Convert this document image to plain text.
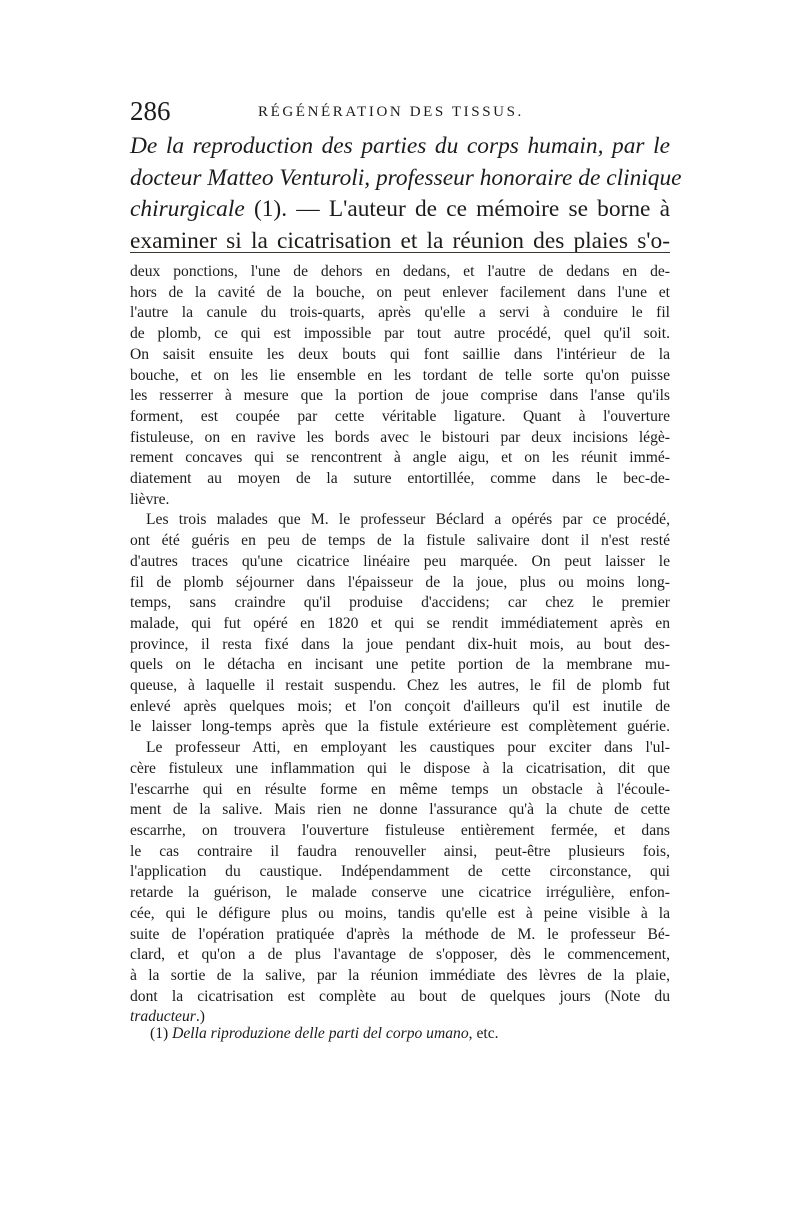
286	RÉGÉNÉRATION DES TISSUS.
De la reproduction des parties du corps humain, par le
docteur Matteo Venturoli, professeur honoraire de clinique
chirurgicale (1). — L'auteur de ce mémoire se borne à
examiner si la cicatrisation et la réunion des plaies s'o-
deux ponctions, l'une de dehors en dedans, et l'autre de dedans en de-
hors de la cavité de la bouche, on peut enlever facilement dans l'une et
l'autre la canule du trois-quarts, après qu'elle a servi à conduire le fil
de plomb, ce qui est impossible par tout autre procédé, quel qu'il soit.
On saisit ensuite les deux bouts qui font saillie dans l'intérieur de la
bouche, et on les lie ensemble en les tordant de telle sorte qu'on puisse
les resserrer à mesure que la portion de joue comprise dans l'anse qu'ils
forment, est coupée par cette véritable ligature. Quant à l'ouverture
fistuleuse, on en ravive les bords avec le bistouri par deux incisions légè-
rement concaves qui se rencontrent à angle aigu, et on les réunit immé-
diatement au moyen de la suture entortillée, comme dans le bec-de-
lièvre.
Les trois malades que M. le professeur Béclard a opérés par ce procédé,
ont été guéris en peu de temps de la fistule salivaire dont il n'est resté
d'autres traces qu'une cicatrice linéaire peu marquée. On peut laisser le
fil de plomb séjourner dans l'épaisseur de la joue, plus ou moins long-
temps, sans craindre qu'il produise d'accidens; car chez le premier
malade, qui fut opéré en 1820 et qui se rendit immédiatement après en
province, il resta fixé dans la joue pendant dix-huit mois, au bout des-
quels on le détacha en incisant une petite portion de la membrane mu-
queuse, à laquelle il restait suspendu. Chez les autres, le fil de plomb fut
enlevé après quelques mois; et l'on conçoit d'ailleurs qu'il est inutile de
le laisser long-temps après que la fistule extérieure est complètement guérie.
Le professeur Atti, en employant les caustiques pour exciter dans l'ul-
cère fistuleux une inflammation qui le dispose à la cicatrisation, dit que
l'escarrhe qui en résulte forme en même temps un obstacle à l'écoule-
ment de la salive. Mais rien ne donne l'assurance qu'à la chute de cette
escarrhe, on trouvera l'ouverture fistuleuse entièrement fermée, et dans
le cas contraire il faudra renouveller ainsi, peut-être plusieurs fois,
l'application du caustique. Indépendamment de cette circonstance, qui
retarde la guérison, le malade conserve une cicatrice irrégulière, enfon-
cée, qui le défigure plus ou moins, tandis qu'elle est à peine visible à la
suite de l'opération pratiquée d'après la méthode de M. le professeur Bé-
clard, et qu'on a de plus l'avantage de s'opposer, dès le commencement,
à la sortie de la salive, par la réunion immédiate des lèvres de la plaie,
dont la cicatrisation est complète au bout de quelques jours (Note du
traducteur.)
(1) Della riproduzione delle parti del corpo umano, etc.
